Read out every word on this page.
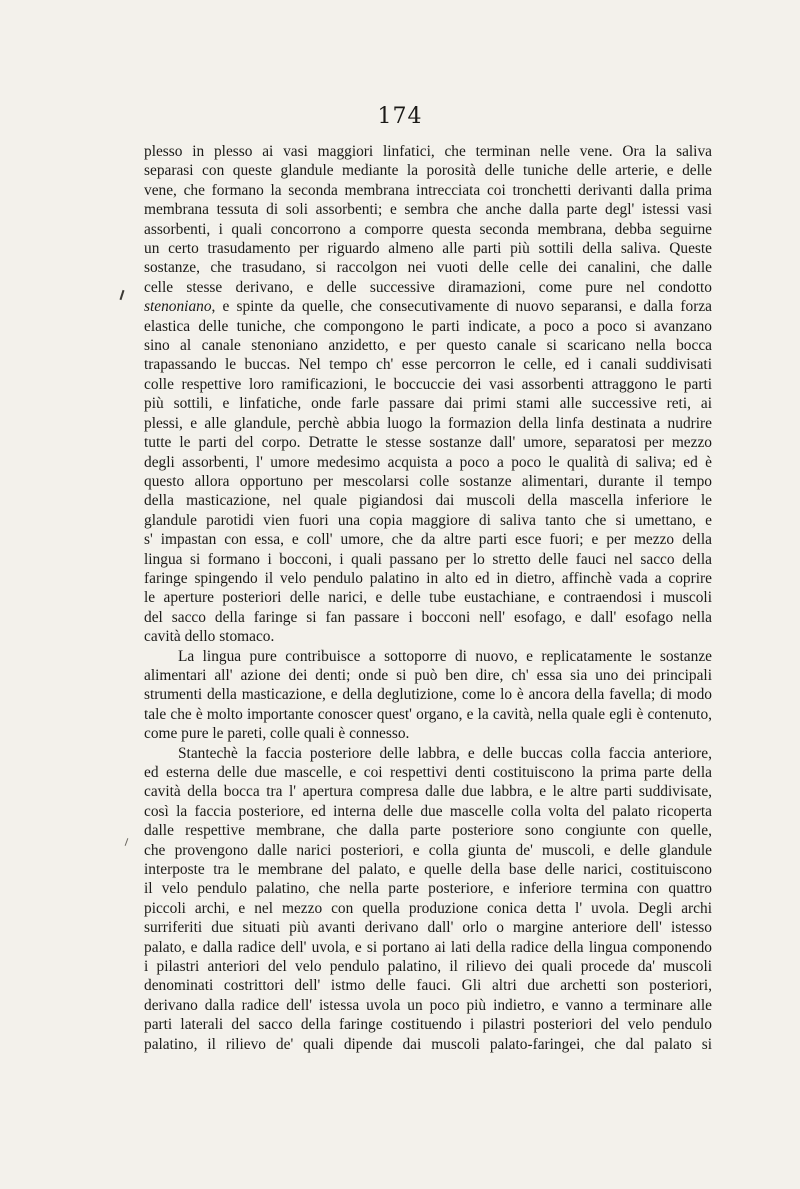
174
plesso in plesso ai vasi maggiori linfatici, che terminan nelle vene. Ora la saliva
separasi con queste glandule mediante la porosità delle tuniche delle arterie, e delle
vene, che formano la seconda membrana intrecciata coi tronchetti derivanti dalla prima
membrana tessuta di soli assorbenti; e sembra che anche dalla parte degl' istessi vasi
assorbenti, i quali concorrono a comporre questa seconda membrana, debba seguirne
un certo trasudamento per riguardo almeno alle parti più sottili della saliva. Queste
sostanze, che trasudano, si raccolgon nei vuoti delle celle dei canalini, che dalle
celle stesse derivano, e delle successive diramazioni, come pure nel condotto
stenoniano, e spinte da quelle, che consecutivamente di nuovo separansi, e dalla forza
elastica delle tuniche, che compongono le parti indicate, a poco a poco si avanzano
sino al canale stenoniano anzidetto, e per questo canale si scaricano nella bocca
trapassando le buccas. Nel tempo ch' esse percorron le celle, ed i canali suddivisati
colle respettive loro ramificazioni, le boccuccie dei vasi assorbenti attraggono le parti
più sottili, e linfatiche, onde farle passare dai primi stami alle successive reti, ai
plessi, e alle glandule, perchè abbia luogo la formazion della linfa destinata a nudrire
tutte le parti del corpo. Detratte le stesse sostanze dall' umore, separatosi per mezzo
degli assorbenti, l' umore medesimo acquista a poco a poco le qualità di saliva; ed è
questo allora opportuno per mescolarsi colle sostanze alimentari, durante il tempo
della masticazione, nel quale pigiandosi dai muscoli della mascella inferiore le
glandule parotidi vien fuori una copia maggiore di saliva tanto che si umettano, e
s' impastan con essa, e coll' umore, che da altre parti esce fuori; e per mezzo della
lingua si formano i bocconi, i quali passano per lo stretto delle fauci nel sacco della
faringe spingendo il velo pendulo palatino in alto ed in dietro, affinchè vada a coprire
le aperture posteriori delle narici, e delle tube eustachiane, e contraendosi i muscoli
del sacco della faringe si fan passare i bocconi nell' esofago, e dall' esofago nella
cavità dello stomaco.
La lingua pure contribuisce a sottoporre di nuovo, e replicatamente le sostanze
alimentari all' azione dei denti; onde si può ben dire, ch' essa sia uno dei principali
strumenti della masticazione, e della deglutizione, come lo è ancora della favella; di modo
tale che è molto importante conoscer quest' organo, e la cavità, nella quale egli è contenuto,
come pure le pareti, colle quali è connesso.
Stantechè la faccia posteriore delle labbra, e delle buccas colla faccia anteriore,
ed esterna delle due mascelle, e coi respettivi denti costituiscono la prima parte della
cavità della bocca tra l' apertura compresa dalle due labbra, e le altre parti suddivisate,
così la faccia posteriore, ed interna delle due mascelle colla volta del palato ricoperta
dalle respettive membrane, che dalla parte posteriore sono congiunte con quelle,
che provengono dalle narici posteriori, e colla giunta de' muscoli, e delle glandule
interposte tra le membrane del palato, e quelle della base delle narici, costituiscono
il velo pendulo palatino, che nella parte posteriore, e inferiore termina con quattro
piccoli archi, e nel mezzo con quella produzione conica detta l' uvola. Degli archi
surriferiti due situati più avanti derivano dall' orlo o margine anteriore dell' istesso
palato, e dalla radice dell' uvola, e si portano ai lati della radice della lingua componendo
i pilastri anteriori del velo pendulo palatino, il rilievo dei quali procede da' muscoli
denominati costrittori dell' istmo delle fauci. Gli altri due archetti son posteriori,
derivano dalla radice dell' istessa uvola un poco più indietro, e vanno a terminare alle
parti laterali del sacco della faringe costituendo i pilastri posteriori del velo pendulo
palatino, il rilievo de' quali dipende dai muscoli palato-faringei, che dal palato si
